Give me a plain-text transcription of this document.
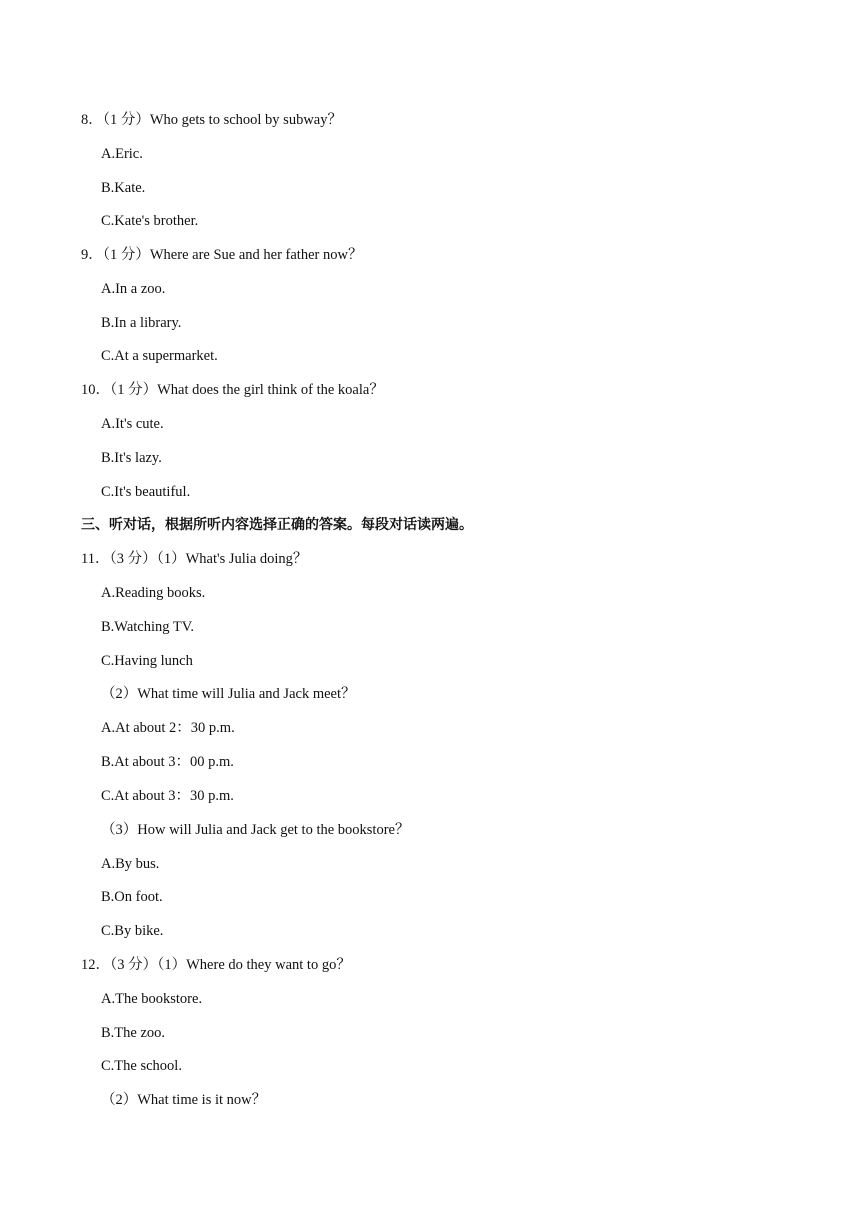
8．（1 分）Who gets to school by subway？
A.Eric.
B.Kate.
C.Kate's brother.
9．（1 分）Where are Sue and her father now？
A.In a zoo.
B.In a library.
C.At a supermarket.
10．（1 分）What does the girl think of the koala？
A.It's cute.
B.It's lazy.
C.It's beautiful.
三、听对话，根据所听内容选择正确的答案。每段对话读两遍。
11．（3 分）（1）What's Julia doing？
A.Reading books.
B.Watching TV.
C.Having lunch
（2）What time will Julia and Jack meet？
A.At about 2：30 p.m.
B.At about 3：00 p.m.
C.At about 3：30 p.m.
（3）How will Julia and Jack get to the bookstore？
A.By bus.
B.On foot.
C.By bike.
12．（3 分）（1）Where do they want to go？
A.The bookstore.
B.The zoo.
C.The school.
（2）What time is it now？
